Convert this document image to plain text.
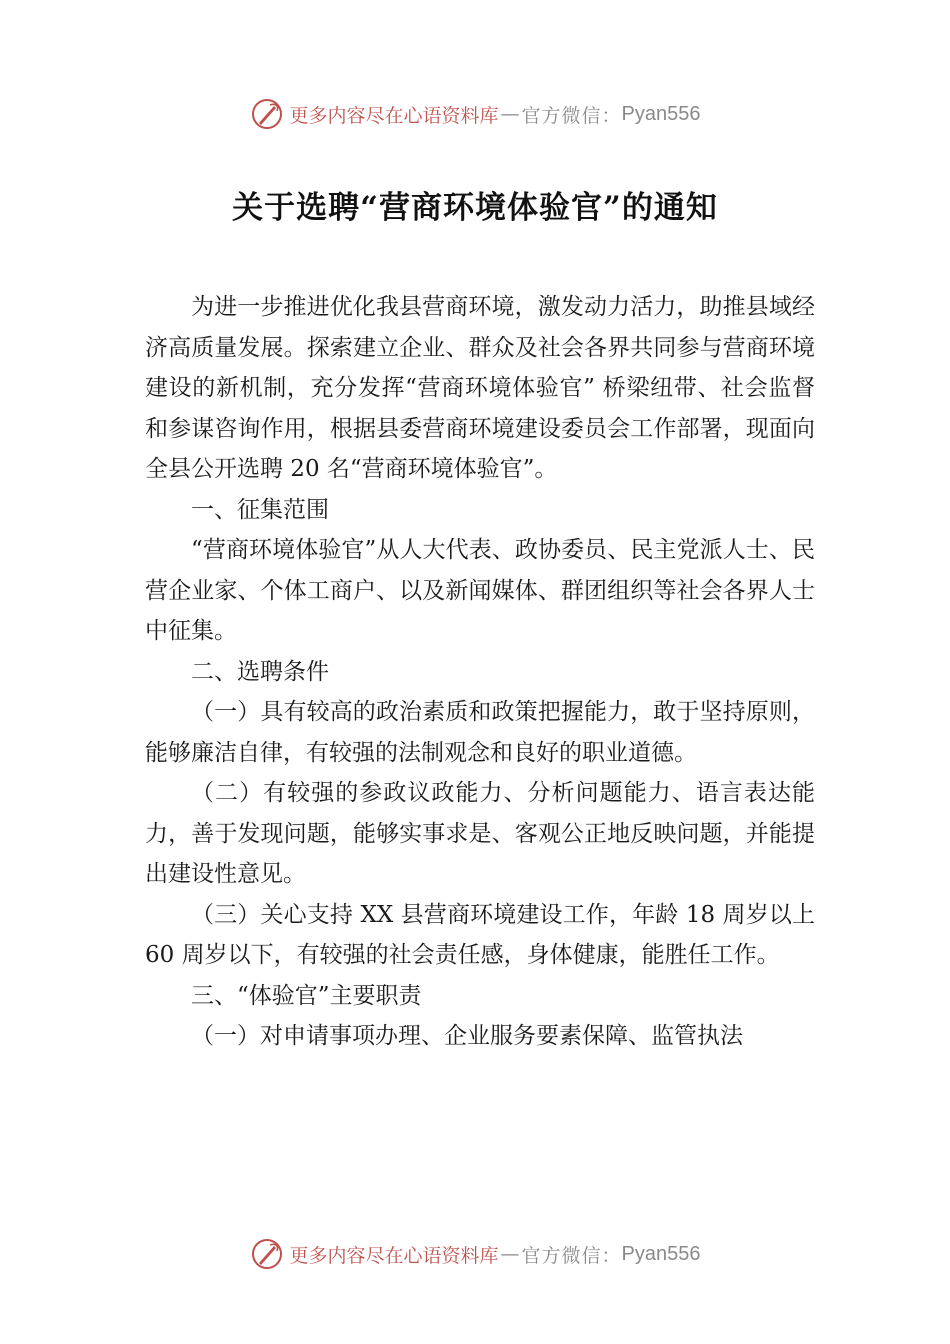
更多内容尽在心语资料库 — 官方微信： Pyan556
关于选聘“营商环境体验官”的通知

为进一步推进优化我县营商环境，激发动力活力，助推县域经济高质量发展。探索建立企业、群众及社会各界共同参与营商环境建设的新机制，充分发挥“营商环境体验官” 桥梁纽带、社会监督和参谋咨询作用，根据县委营商环境建设委员会工作部署，现面向全县公开选聘 20 名“营商环境体验官”。

一、征集范围

“营商环境体验官”从人大代表、政协委员、民主党派人士、民营企业家、个体工商户、以及新闻媒体、群团组织等社会各界人士中征集。

二、选聘条件

（一）具有较高的政治素质和政策把握能力，敢于坚持原则，能够廉洁自律，有较强的法制观念和良好的职业道德。

（二）有较强的参政议政能力、分析问题能力、语言表达能力，善于发现问题，能够实事求是、客观公正地反映问题，并能提出建设性意见。

（三）关心支持 XX 县营商环境建设工作，年龄 18 周岁以上 60 周岁以下，有较强的社会责任感，身体健康，能胜任工作。

三、“体验官”主要职责

（一）对申请事项办理、企业服务要素保障、监管执法

更多内容尽在心语资料库 — 官方微信： Pyan556
